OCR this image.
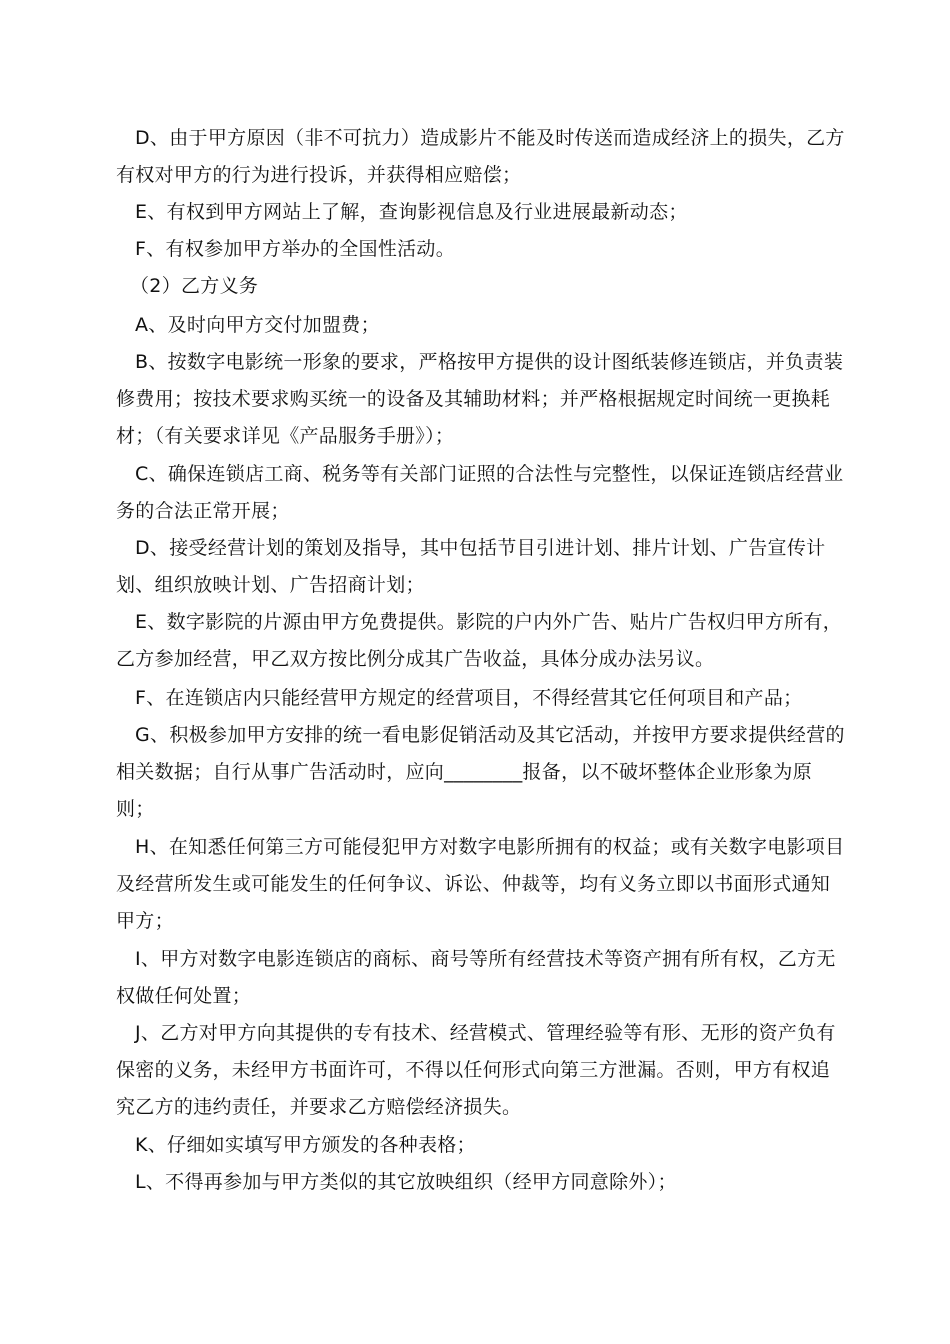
D、由于甲方原因（非不可抗力）造成影片不能及时传送而造成经济上的损失，乙方有权对甲方的行为进行投诉，并获得相应赔偿；

E、有权到甲方网站上了解，查询影视信息及行业进展最新动态；

F、有权参加甲方举办的全国性活动。

（2）乙方义务

A、及时向甲方交付加盟费；

B、按数字电影统一形象的要求，严格按甲方提供的设计图纸装修连锁店，并负责装修费用；按技术要求购买统一的设备及其辅助材料；并严格根据规定时间统一更换耗材；（有关要求详见《产品服务手册》）；

C、确保连锁店工商、税务等有关部门证照的合法性与完整性，以保证连锁店经营业务的合法正常开展；

D、接受经营计划的策划及指导，其中包括节目引进计划、排片计划、广告宣传计划、组织放映计划、广告招商计划；

E、数字影院的片源由甲方免费提供。影院的户内外广告、贴片广告权归甲方所有，乙方参加经营，甲乙双方按比例分成其广告收益，具体分成办法另议。

F、在连锁店内只能经营甲方规定的经营项目，不得经营其它任何项目和产品；

G、积极参加甲方安排的统一看电影促销活动及其它活动，并按甲方要求提供经营的相关数据；自行从事广告活动时，应向________报备，以不破坏整体企业形象为原则；

H、在知悉任何第三方可能侵犯甲方对数字电影所拥有的权益；或有关数字电影项目及经营所发生或可能发生的任何争议、诉讼、仲裁等，均有义务立即以书面形式通知甲方；

I、甲方对数字电影连锁店的商标、商号等所有经营技术等资产拥有所有权，乙方无权做任何处置；

J、乙方对甲方向其提供的专有技术、经营模式、管理经验等有形、无形的资产负有保密的义务，未经甲方书面许可，不得以任何形式向第三方泄漏。否则，甲方有权追究乙方的违约责任，并要求乙方赔偿经济损失。

K、仔细如实填写甲方颁发的各种表格；

L、不得再参加与甲方类似的其它放映组织（经甲方同意除外）；
